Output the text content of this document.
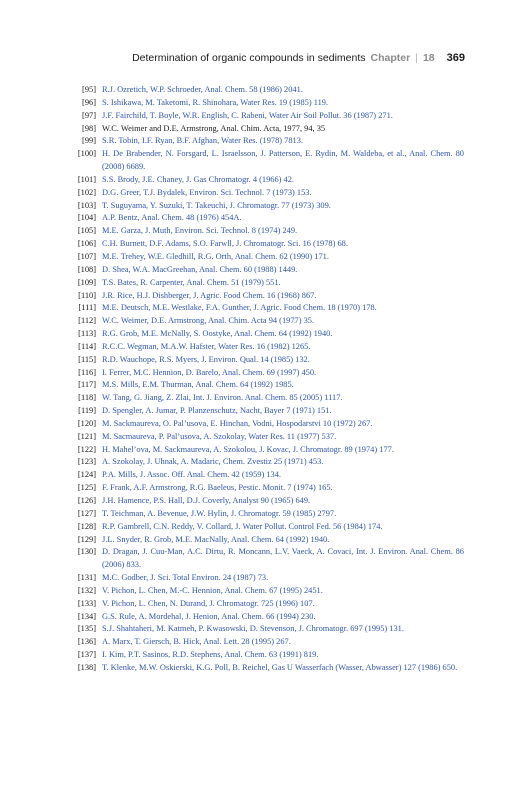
Determination of organic compounds in sediments Chapter | 18 369
[95] R.J. Ozretich, W.P. Schroeder, Anal. Chem. 58 (1986) 2041.
[96] S. Ishikawa, M. Taketomi, R. Shinohara, Water Res. 19 (1985) 119.
[97] J.F. Fairchild, T. Boyle, W.R. English, C. Rabeni, Water Air Soil Pollut. 36 (1987) 271.
[98] W.C. Weimer and D.E. Armstrong, Anal. Chim. Acta, 1977, 94, 35
[99] S.R. Tobin, I.F. Ryan, B.F. Afghan, Water Res. (1978) 7813.
[100] H. De Brabender, N. Forsgard, L. Israelsson, J. Patterson, E. Rydin, M. Waldeba, et al., Anal. Chem. 80 (2008) 6689.
[101] S.S. Brody, J.E. Chaney, J. Gas Chromatogr. 4 (1966) 42.
[102] D.G. Greer, T.J. Bydalek, Environ. Sci. Technol. 7 (1973) 153.
[103] T. Suguyama, Y. Suzuki, T. Takeuchi, J. Chromatogr. 77 (1973) 309.
[104] A.P. Bentz, Anal. Chem. 48 (1976) 454A.
[105] M.E. Garza, J. Muth, Environ. Sci. Technol. 8 (1974) 249.
[106] C.H. Burnett, D.F. Adams, S.O. Farwll, J. Chromatogr. Sci. 16 (1978) 68.
[107] M.E. Trehey, W.E. Gledhill, R.G. Orth, Anal. Chem. 62 (1990) 171.
[108] D. Shea, W.A. MacGreehan, Anal. Chem. 60 (1988) 1449.
[109] T.S. Bates, R. Carpenter, Anal. Chem. 51 (1979) 551.
[110] J.R. Rice, H.J. Dishberger, J. Agric. Food Chem. 16 (1968) 867.
[111] M.E. Deutsch, M.E. Westlake, F.A. Gunther, J. Agric. Food Chem. 18 (1970) 178.
[112] W.C. Weimer, D.E. Armstrong, Anal. Chim. Acta 94 (1977) 35.
[113] R.G. Grob, M.E. McNally, S. Oostyke, Anal. Chem. 64 (1992) 1940.
[114] R.C.C. Wegman, M.A.W. Hafster, Water Res. 16 (1982) 1265.
[115] R.D. Wauchope, R.S. Myers, J. Environ. Qual. 14 (1985) 132.
[116] I. Ferrer, M.C. Hennion, D. Barelo, Anal. Chem. 69 (1997) 450.
[117] M.S. Mills, E.M. Thurman, Anal. Chem. 64 (1992) 1985.
[118] W. Tang, G. Jiang, Z. Zlai, Int. J. Environ. Anal. Chem. 85 (2005) 1117.
[119] D. Spengler, A. Jumar, P. Planzenschutz, Nacht, Bayer 7 (1971) 151.
[120] M. Sackmaureva, O. Pal’usova, E. Hinchan, Vodni, Hospodarstvi 10 (1972) 267.
[121] M. Sacmaureva, P. Pal’usova, A. Szokolay, Water Res. 11 (1977) 537.
[122] H. Mahel’ova, M. Sackmaureva, A. Szokolou, J. Kovac, J. Chromatogr. 89 (1974) 177.
[123] A. Szokolay, J. Uhnak, A. Madaric, Chem. Zvestiz 25 (1971) 453.
[124] P.A. Mills, J. Assoc. Off. Anal. Chem. 42 (1959) 134.
[125] F. Frank, A.F. Armstrong, R.G. Baeleus, Pestic. Monit. 7 (1974) 165.
[126] J.H. Hamence, P.S. Hall, D.J. Coverly, Analyst 90 (1965) 649.
[127] T. Teichman, A. Bevenue, J.W. Hylin, J. Chromatogr. 59 (1985) 2797.
[128] R.P. Gambrell, C.N. Reddy, V. Collard, J. Water Pollut. Control Fed. 56 (1984) 174.
[129] J.L. Snyder, R. Grob, M.E. MacNally, Anal. Chem. 64 (1992) 1940.
[130] D. Dragan, J. Cuu-Man, A.C. Dirtu, R. Moncann, L.V. Vaeck, A. Covaci, Int. J. Environ. Anal. Chem. 86 (2006) 833.
[131] M.C. Godber, J. Sci. Total Environ. 24 (1987) 73.
[132] V. Pichon, L. Chen, M.-C. Hennion, Anal. Chem. 67 (1995) 2451.
[133] V. Pichon, L. Chen, N. Durand, J. Chromatogr. 725 (1996) 107.
[134] G.S. Rule, A. Mordehal, J. Henion, Anal. Chem. 66 (1994) 230.
[135] S.J. Shahtaheri, M. Katmeh, P. Kwasowski, D. Stevenson, J. Chromatogr. 697 (1995) 131.
[136] A. Marx, T. Giersch, B. Hick, Anal. Lett. 28 (1995) 267.
[137] I. Kim, P.T. Sasinos, R.D. Stephens, Anal. Chem. 63 (1991) 819.
[138] T. Klenke, M.W. Oskierski, K.G. Poll, B. Reichel, Gas U Wasserfach (Wasser, Abwasser) 127 (1986) 650.
